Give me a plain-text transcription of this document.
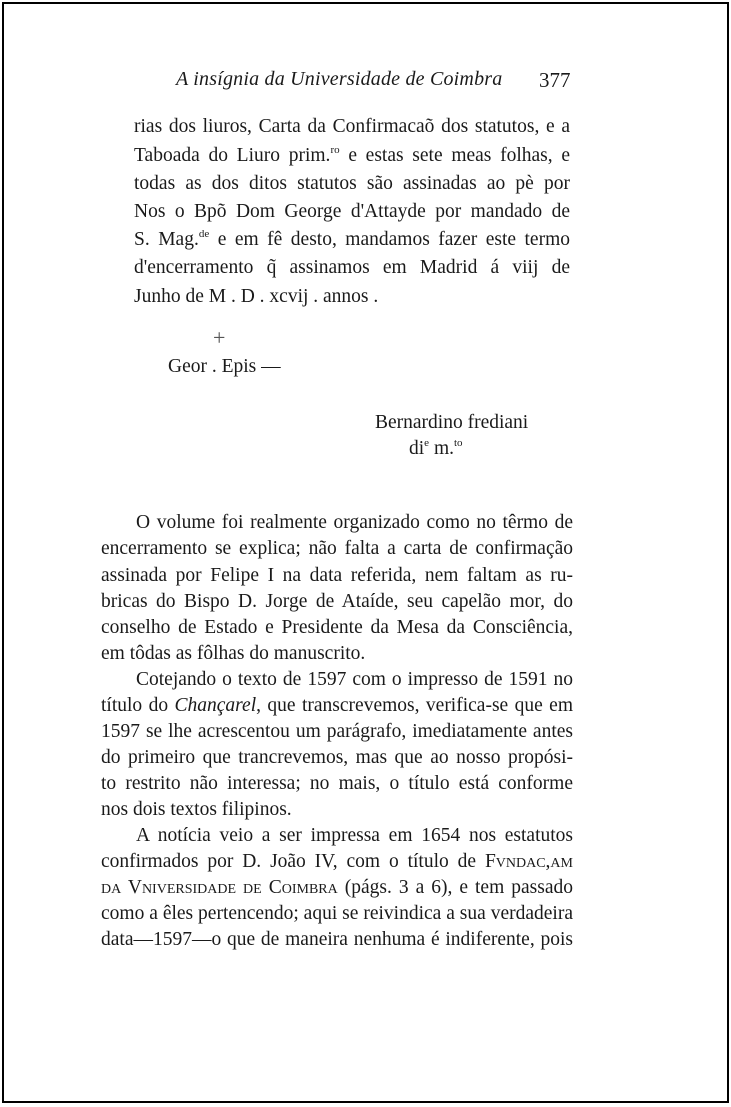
A insígnia da Universidade de Coimbra 377
rias dos liuros, Carta da Confirmacaõ dos statutos, e a
Taboada do Liuro prim.$^{ro}$ e estas sete meas folhas, e
todas as dos ditos statutos são assinadas ao pè por
Nos o Bpõ Dom George d'Attayde por mandado de
S. Mag.$^{de}$ e em fê desto, mandamos fazer este termo
d'encerramento q̃ assinamos em Madrid á viij de
Junho de M . D . xcvij . annos .
+
Geor . Epis —
Bernardino frediani
$di^e$ m.$^{to}$
O volume foi realmente organizado como no têrmo de
encerramento se explica; não falta a carta de confirmação
assinada por Felipe I na data referida, nem faltam as ru-
bricas do Bispo D. Jorge de Ataíde, seu capelão mor, do
conselho de Estado e Presidente da Mesa da Consciência,
em tôdas as fôlhas do manuscrito.
Cotejando o texto de 1597 com o impresso de 1591 no
título do Chançarel, que transcrevemos, verifica-se que em
1597 se lhe acrescentou um parágrafo, imediatamente antes
do primeiro que trancrevemos, mas que ao nosso propósi-
to restrito não interessa; no mais, o título está conforme
nos dois textos filipinos.
A notícia veio a ser impressa em 1654 nos estatutos
confirmados por D. João IV, com o título de Fvndac,am
da Vniversidade de Coimbra (págs. 3 a 6), e tem passado
como a êles pertencendo; aqui se reivindica a sua verdadeira
data—1597—o que de maneira nenhuma é indiferente, pois
